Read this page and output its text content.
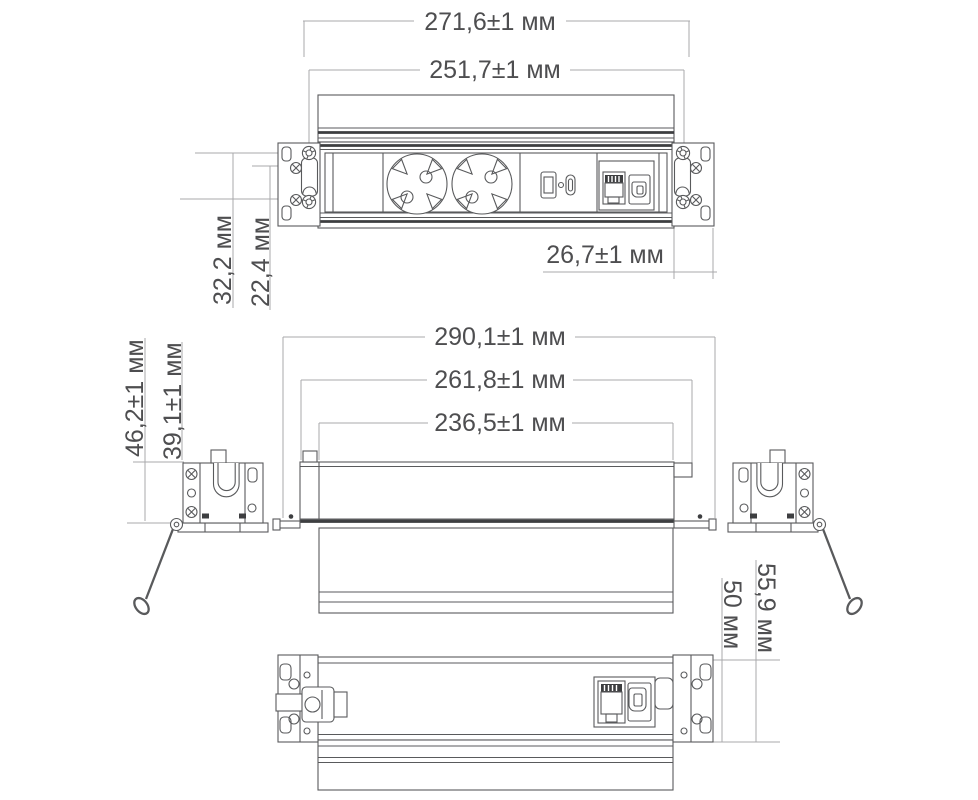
271,6±1 мм
251,7±1 мм
32,2 мм 22,4 мм	26,7±1 мм
290,1±1 мм
261,8±1 мм
236,5±1 мм
46,2±1 мм 39,1±1 мм
55,9 мм
50 мм
